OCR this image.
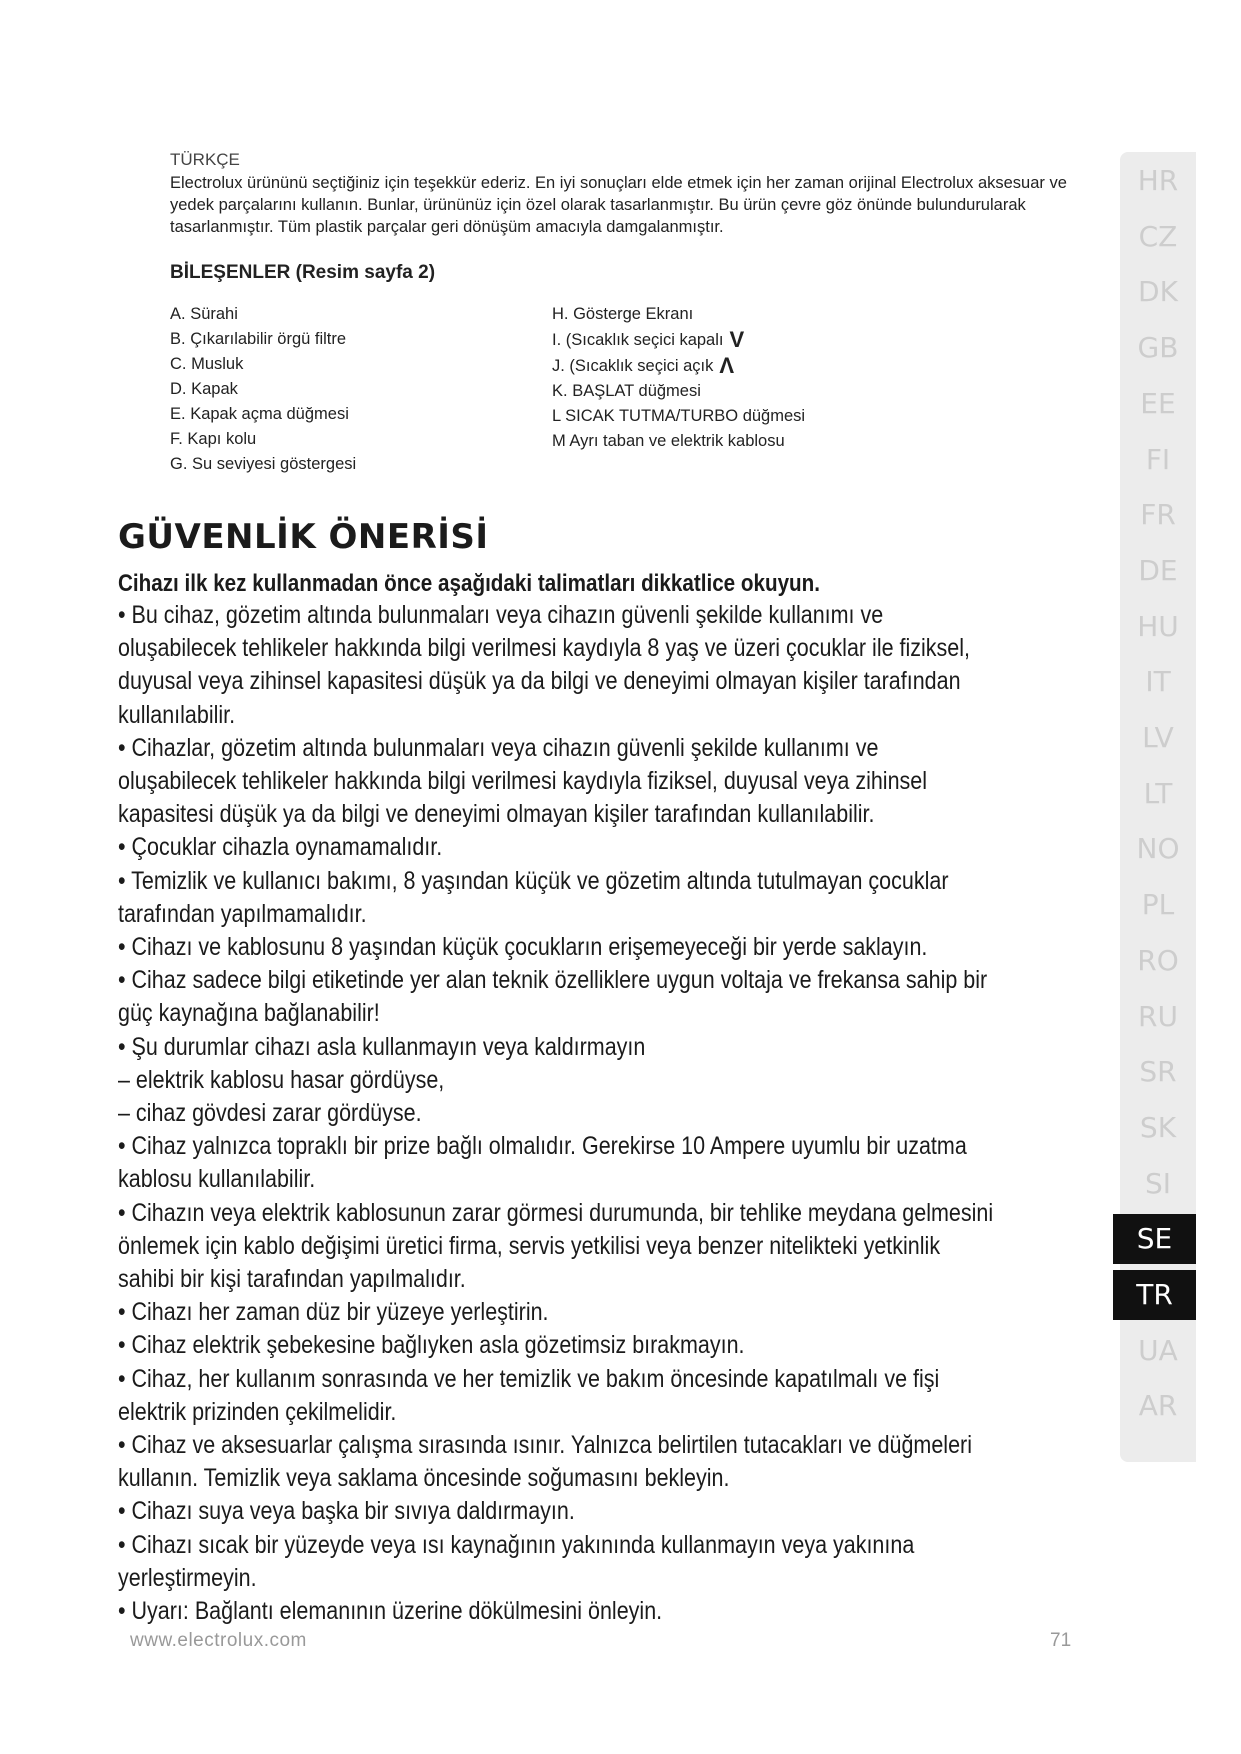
TÜRKÇE
Electrolux ürününü seçtiğiniz için teşekkür ederiz. En iyi sonuçları elde etmek için her zaman orijinal Electrolux aksesuar ve yedek parçalarını kullanın. Bunlar, ürününüz için özel olarak tasarlanmıştır. Bu ürün çevre göz önünde bulundurularak tasarlanmıştır. Tüm plastik parçalar geri dönüşüm amacıyla damgalanmıştır.
BİLEŞENLER (Resim sayfa 2)
A. Sürahi
B. Çıkarılabilir örgü filtre
C. Musluk
D. Kapak
E. Kapak açma düğmesi
F. Kapı kolu
G. Su seviyesi göstergesi
H. Gösterge Ekranı
I. (Sıcaklık seçici kapalı V
J. (Sıcaklık seçici açık Λ
K. BAŞLAT düğmesi
L SICAK TUTMA/TURBO düğmesi
M Ayrı taban ve elektrik kablosu
GÜVENLİK ÖNERİSİ
Cihazı ilk kez kullanmadan önce aşağıdaki talimatları dikkatlice okuyun.
• Bu cihaz, gözetim altında bulunmaları veya cihazın güvenli şekilde kullanımı ve
oluşabilecek tehlikeler hakkında bilgi verilmesi kaydıyla 8 yaş ve üzeri çocuklar ile fiziksel,
duyusal veya zihinsel kapasitesi düşük ya da bilgi ve deneyimi olmayan kişiler tarafından
kullanılabilir.
• Cihazlar, gözetim altında bulunmaları veya cihazın güvenli şekilde kullanımı ve
oluşabilecek tehlikeler hakkında bilgi verilmesi kaydıyla fiziksel, duyusal veya zihinsel
kapasitesi düşük ya da bilgi ve deneyimi olmayan kişiler tarafından kullanılabilir.
• Çocuklar cihazla oynamamalıdır.
• Temizlik ve kullanıcı bakımı, 8 yaşından küçük ve gözetim altında tutulmayan çocuklar
tarafından yapılmamalıdır.
• Cihazı ve kablosunu 8 yaşından küçük çocukların erişemeyeceği bir yerde saklayın.
• Cihaz sadece bilgi etiketinde yer alan teknik özelliklere uygun voltaja ve frekansa sahip bir
güç kaynağına bağlanabilir!
• Şu durumlar cihazı asla kullanmayın veya kaldırmayın
– elektrik kablosu hasar gördüyse,
– cihaz gövdesi zarar gördüyse.
• Cihaz yalnızca topraklı bir prize bağlı olmalıdır. Gerekirse 10 Ampere uyumlu bir uzatma
kablosu kullanılabilir.
• Cihazın veya elektrik kablosunun zarar görmesi durumunda, bir tehlike meydana gelmesini
önlemek için kablo değişimi üretici firma, servis yetkilisi veya benzer nitelikteki yetkinlik
sahibi bir kişi tarafından yapılmalıdır.
• Cihazı her zaman düz bir yüzeye yerleştirin.
• Cihaz elektrik şebekesine bağlıyken asla gözetimsiz bırakmayın.
• Cihaz, her kullanım sonrasında ve her temizlik ve bakım öncesinde kapatılmalı ve fişi
elektrik prizinden çekilmelidir.
• Cihaz ve aksesuarlar çalışma sırasında ısınır. Yalnızca belirtilen tutacakları ve düğmeleri
kullanın. Temizlik veya saklama öncesinde soğumasını bekleyin.
• Cihazı suya veya başka bir sıvıya daldırmayın.
• Cihazı sıcak bir yüzeyde veya ısı kaynağının yakınında kullanmayın veya yakınına
yerleştirmeyin.
• Uyarı: Bağlantı elemanının üzerine dökülmesini önleyin.
www.electrolux.com	71
HR
CZ
DK
GB
EE
FI
FR
DE
HU
IT
LV
LT
NO
PL
RO
RU
SR
SK
SI
SE
TR
UA
AR
